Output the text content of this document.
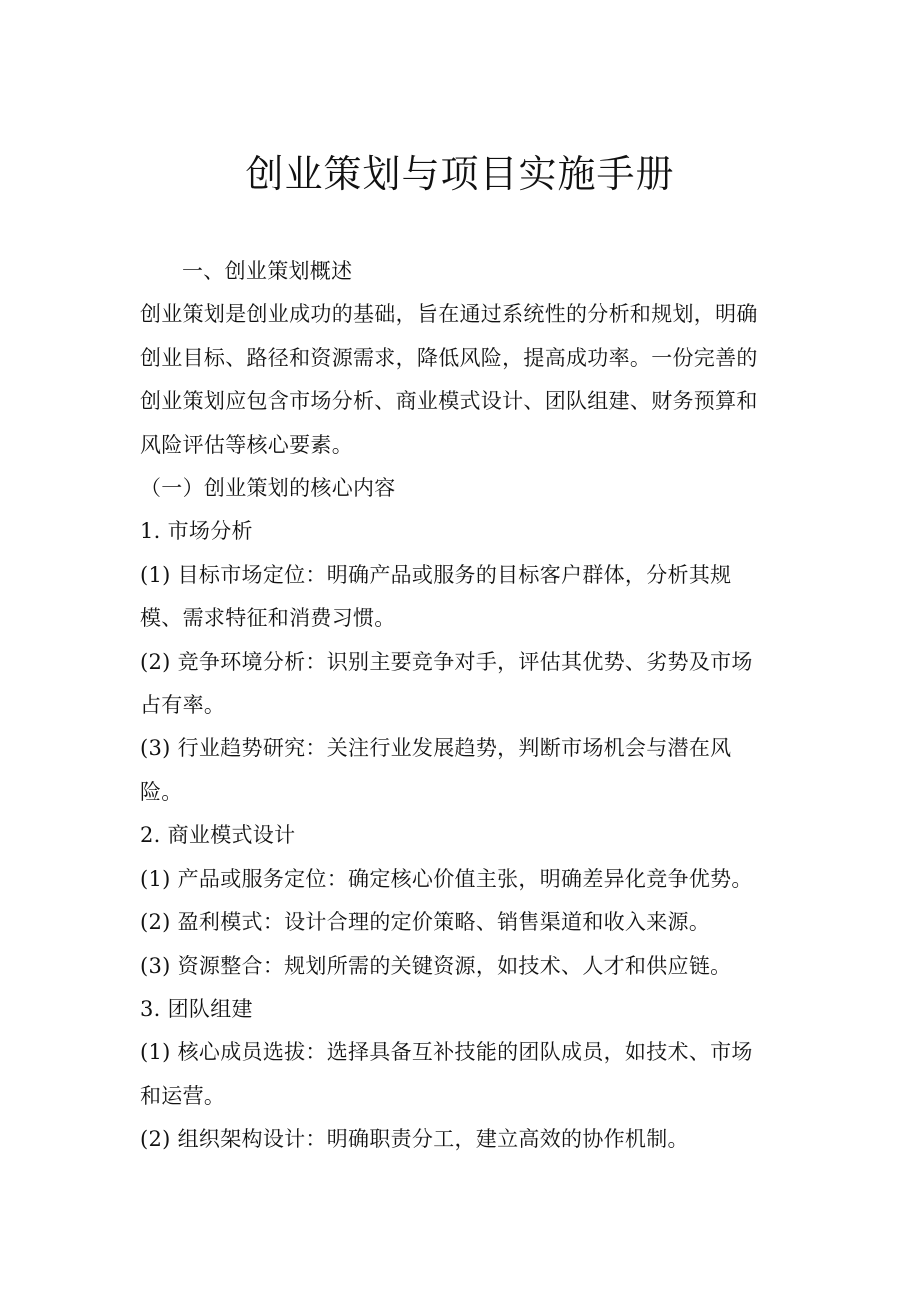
创业策划与项目实施手册
一、创业策划概述
创业策划是创业成功的基础，旨在通过系统性的分析和规划，明确
创业目标、路径和资源需求，降低风险，提高成功率。一份完善的
创业策划应包含市场分析、商业模式设计、团队组建、财务预算和
风险评估等核心要素。
（一）创业策划的核心内容
1. 市场分析
(1) 目标市场定位：明确产品或服务的目标客户群体，分析其规
模、需求特征和消费习惯。
(2) 竞争环境分析：识别主要竞争对手，评估其优势、劣势及市场
占有率。
(3) 行业趋势研究：关注行业发展趋势，判断市场机会与潜在风
险。
2. 商业模式设计
(1) 产品或服务定位：确定核心价值主张，明确差异化竞争优势。
(2) 盈利模式：设计合理的定价策略、销售渠道和收入来源。
(3) 资源整合：规划所需的关键资源，如技术、人才和供应链。
3. 团队组建
(1) 核心成员选拔：选择具备互补技能的团队成员，如技术、市场
和运营。
(2) 组织架构设计：明确职责分工，建立高效的协作机制。
